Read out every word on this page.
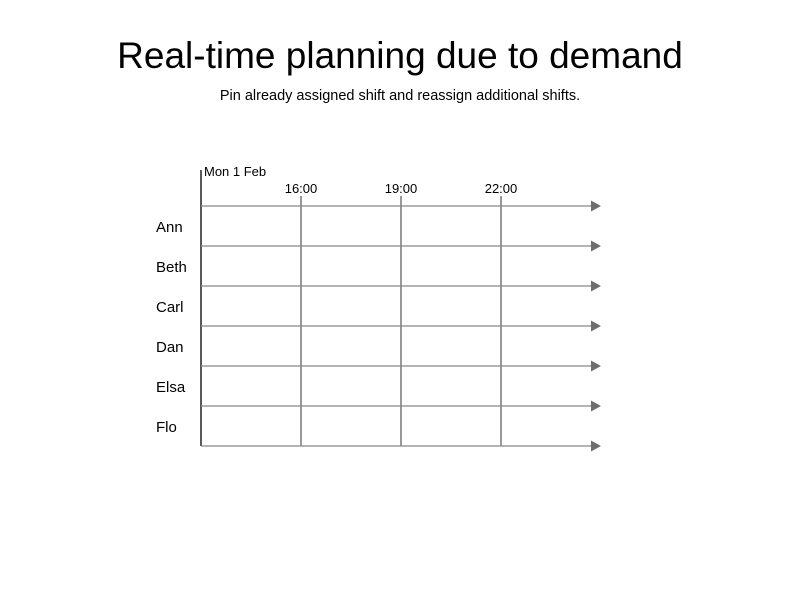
Real-time planning due to demand
Pin already assigned shift and reassign additional shifts.
Mon 1 Feb
16:00	19:00	22:00
Ann
Beth
Carl
Dan
Elsa
Flo
